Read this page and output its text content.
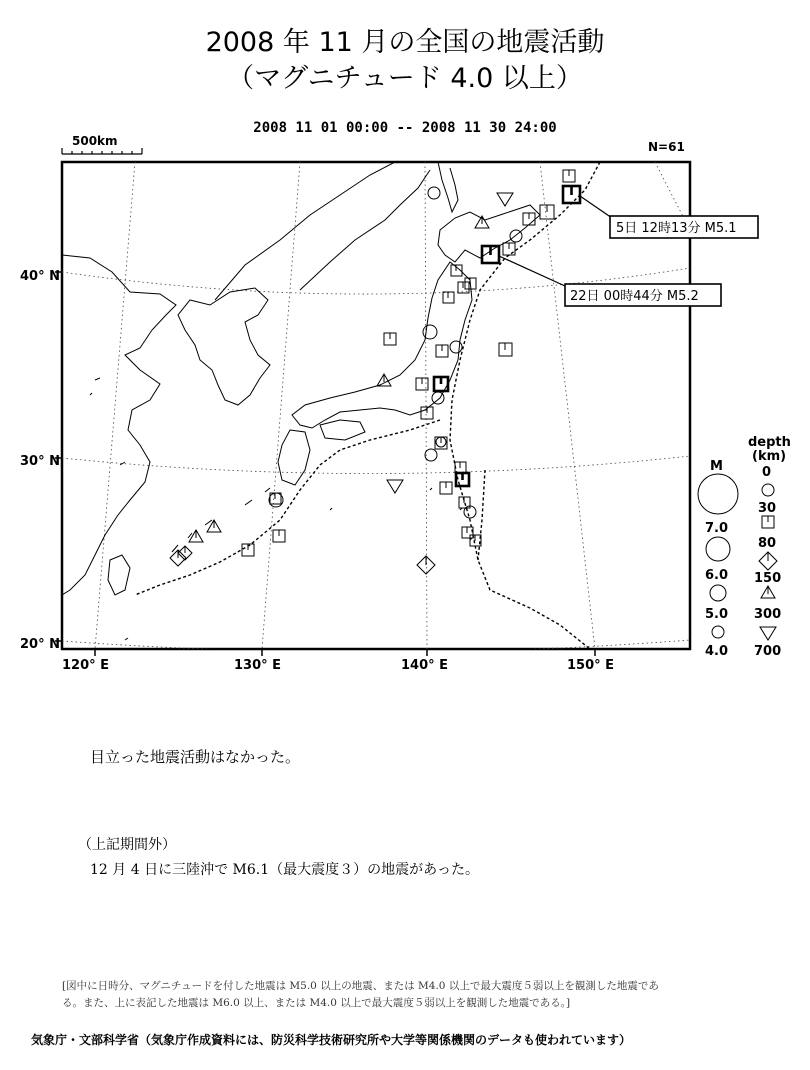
2008 年 11 月の全国の地震活動
（マグニチュード 4.0 以上）
2008 11 01 00:00 -- 2008 11 30 24:00
500km	N=61
40° N
30° N
20° N
120° E	130° E	140° E	150° E
5日 12時13分 M5.1
22日 00時44分 M5.2
M
7.0
6.0
5.0
4.0
depth
(km)
0
30
80
150
300
700
目立った地震活動はなかった。
（上記期間外）
12 月 4 日に三陸沖で M6.1（最大震度３）の地震があった。
[図中に日時分、マグニチュードを付した地震は M5.0 以上の地震、または M4.0 以上で最大震度５弱以上を観測した地震であ
る。また、上に表記した地震は M6.0 以上、または M4.0 以上で最大震度５弱以上を観測した地震である。]
気象庁・文部科学省（気象庁作成資料には、防災科学技術研究所や大学等関係機関のデータも使われています）
